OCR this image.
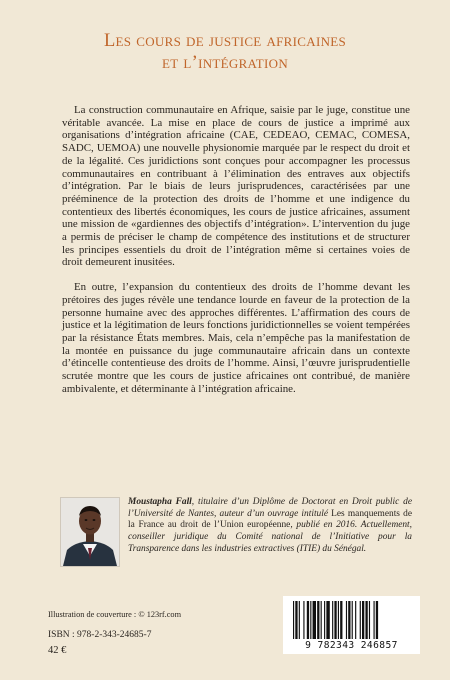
Les cours de justice africaines
et l’intégration

La construction communautaire en Afrique, saisie par le juge, constitue une véritable avancée. La mise en place de cours de justice a imprimé aux organisations d’intégration africaine (CAE, CEDEAO, CEMAC, COMESA, SADC, UEMOA) une nouvelle physionomie marquée par le respect du droit et de la légalité. Ces juridictions sont conçues pour accompagner les processus communautaires en contribuant à l’élimination des entraves aux objectifs d’intégration. Par le biais de leurs jurisprudences, caractérisées par une prééminence de la protection des droits de l’homme et une indigence du contentieux des libertés économiques, les cours de justice africaines, assument une mission de «gardiennes des objectifs d’intégration». L’intervention du juge a permis de préciser le champ de compétence des institutions et de structurer les principes essentiels du droit de l’intégration même si certaines voies de droit demeurent inusitées.

En outre, l’expansion du contentieux des droits de l’homme devant les prétoires des juges révèle une tendance lourde en faveur de la protection de la personne humaine avec des approches différentes. L’affirmation des cours de justice et la légitimation de leurs fonctions juridictionnelles se voient tempérées par la résistance États membres. Mais, cela n’empêche pas la manifestation de la montée en puissance du juge communautaire africain dans un contexte d’étincelle contentieuse des droits de l’homme. Ainsi, l’œuvre jurisprudentielle scrutée montre que les cours de justice africaines ont contribué, de manière ambivalente, et déterminante à l’intégration africaine.

Moustapha Fall, titulaire d’un Diplôme de Doctorat en Droit public de l’Université de Nantes, auteur d’un ouvrage intitulé Les manquements de la France au droit de l’Union européenne, publié en 2016. Actuellement, conseiller juridique du Comité national de l’Initiative pour la Transparence dans les industries extractives (ITIE) du Sénégal.
Illustration de couverture : © 123rf.com
ISBN : 978-2-343-24685-7
42 €	9 782343 246857
